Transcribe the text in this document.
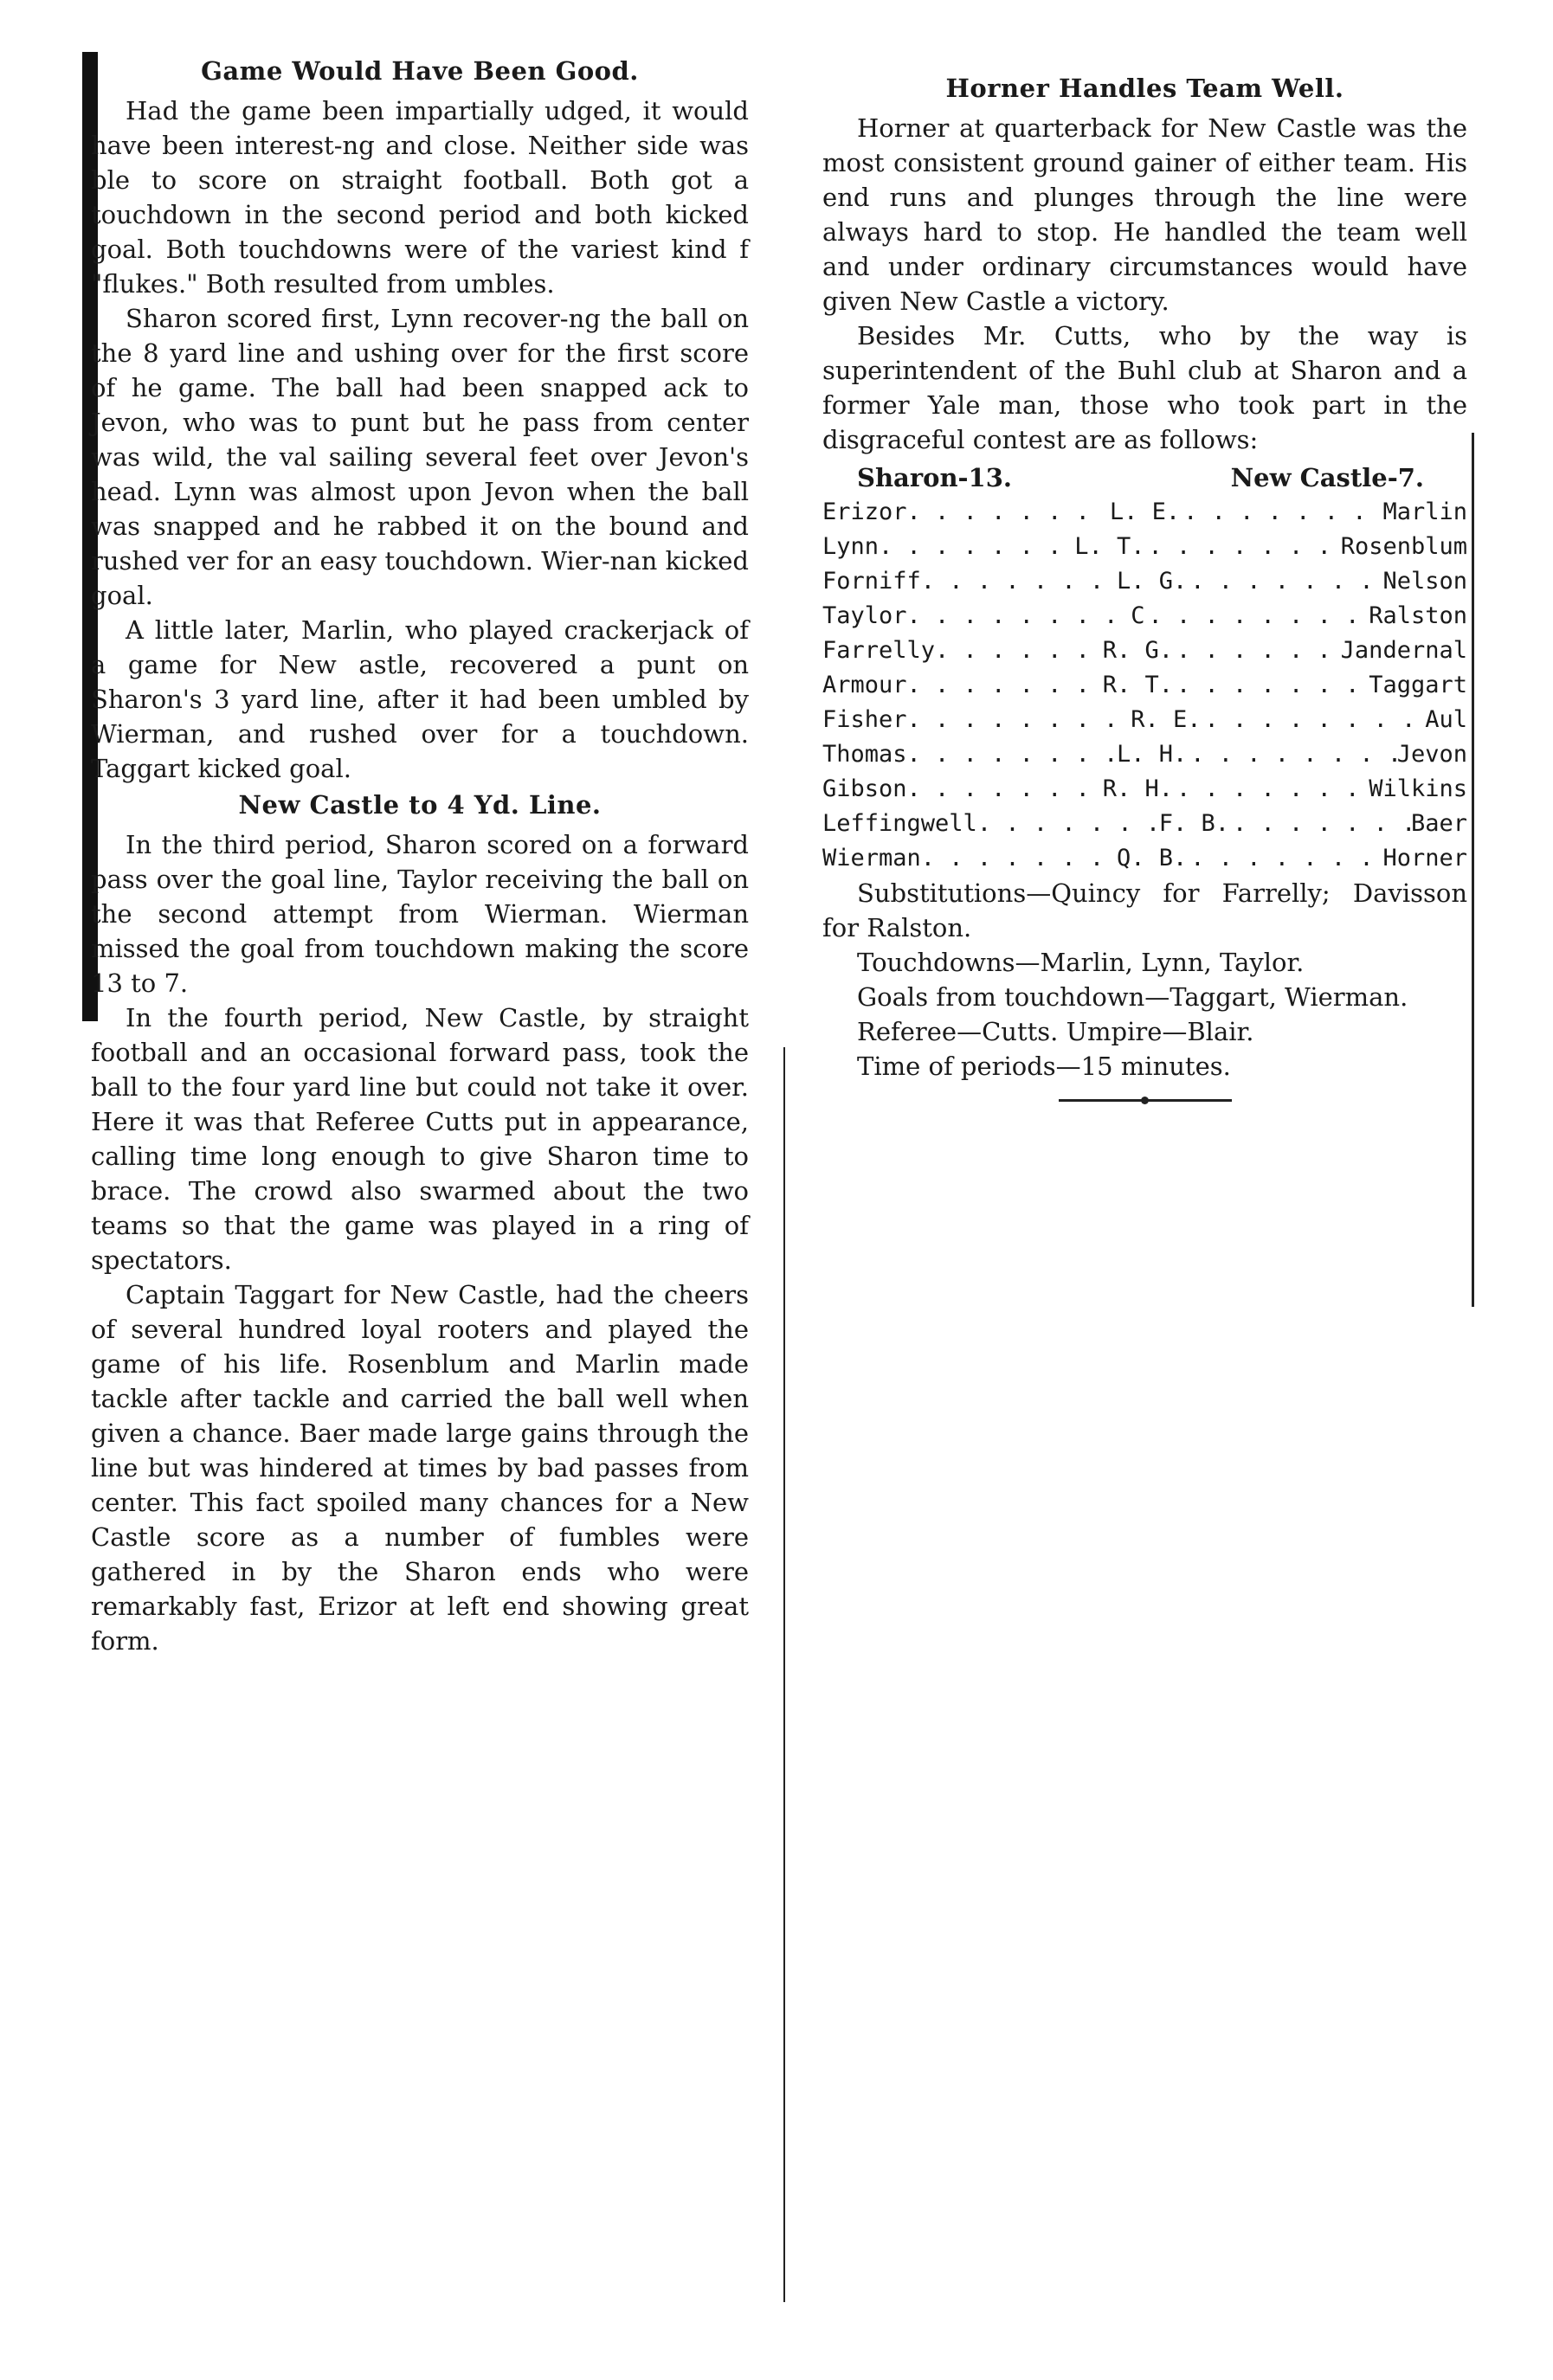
Game Would Have Been Good.

Had the game been impartially udged, it would have been interest-ng and close. Neither side was ble to score on straight football. Both got a touchdown in the second period and both kicked goal. Both touchdowns were of the variest kind f "flukes." Both resulted from umbles.

Sharon scored first, Lynn recover-ng the ball on the 8 yard line and ushing over for the first score of he game. The ball had been snapped ack to Jevon, who was to punt but he pass from center was wild, the val sailing several feet over Jevon's head. Lynn was almost upon Jevon when the ball was snapped and he rabbed it on the bound and rushed ver for an easy touchdown. Wier-nan kicked goal.

A little later, Marlin, who played crackerjack of a game for New astle, recovered a punt on Sharon's 3 yard line, after it had been umbled by Wierman, and rushed over for a touchdown. Taggart kicked goal.

New Castle to 4 Yd. Line.

In the third period, Sharon scored on a forward pass over the goal line, Taylor receiving the ball on the second attempt from Wierman. Wierman missed the goal from touchdown making the score 13 to 7.

In the fourth period, New Castle, by straight football and an occasional forward pass, took the ball to the four yard line but could not take it over. Here it was that Referee Cutts put in appearance, calling time long enough to give Sharon time to brace. The crowd also swarmed about the two teams so that the game was played in a ring of spectators.

Captain Taggart for New Castle, had the cheers of several hundred loyal rooters and played the game of his life. Rosenblum and Marlin made tackle after tackle and carried the ball well when given a chance. Baer made large gains through the line but was hindered at times by bad passes from center. This fact spoiled many chances for a New Castle score as a number of fumbles were gathered in by the Sharon ends who were remarkably fast, Erizor at left end showing great form.

Horner Handles Team Well.

Horner at quarterback for New Castle was the most consistent ground gainer of either team. His end runs and plunges through the line were always hard to stop. He handled the team well and under ordinary circumstances would have given New Castle a victory.

Besides Mr. Cutts, who by the way is superintendent of the Buhl club at Sharon and a former Yale man, those who took part in the disgraceful contest are as follows:

Sharon-13.	New Castle-7.
Erizor . . .	L. E. . . .	Marlin
Lynn . . .	L. T. . . .	Rosenblum
Forniff . . .	L. G. . . .	Nelson
Taylor . . .	C . . .	Ralston
Farrelly . . .	R. G. . . .	Jandernal
Armour . . .	R. T. . . .	Taggart
Fisher . . .	R. E. . . .	Aul
Thomas . . .	L. H. . . .	Jevon
Gibson . . .	R. H. . . .	Wilkins
Leffingwell . . .	F. B. . . .	Baer
Wierman . . .	Q. B. . . .	Horner

Substitutions—Quincy for Farrelly; Davisson for Ralston.

Touchdowns—Marlin, Lynn, Taylor.

Goals from touchdown—Taggart, Wierman.

Referee—Cutts. Umpire—Blair.

Time of periods—15 minutes.
